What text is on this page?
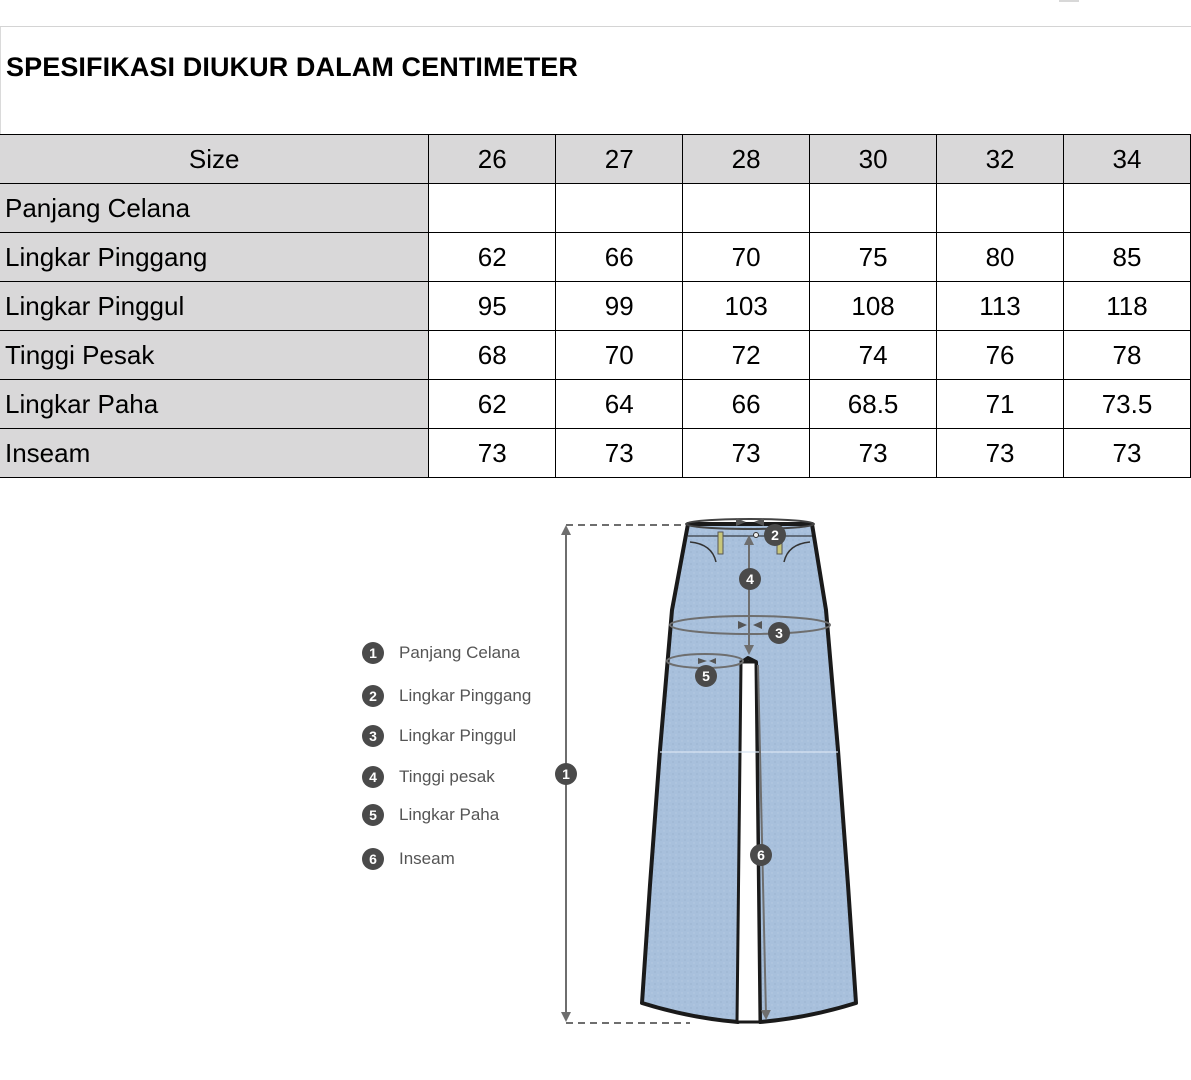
SPESIFIKASI DIUKUR DALAM CENTIMETER
Size	26	27	28	30	32	34
Panjang Celana						
Lingkar Pinggang	62	66	70	75	80	85
Lingkar Pinggul	95	99	103	108	113	118
Tinggi Pesak	68	70	72	74	76	78
Lingkar Paha	62	64	66	68.5	71	73.5
Inseam	73	73	73	73	73	73
1
2
3
4
5
6
1	Panjang Celana
2	Lingkar Pinggang
3	Lingkar Pinggul
4	Tinggi pesak
5	Lingkar Paha
6	Inseam
